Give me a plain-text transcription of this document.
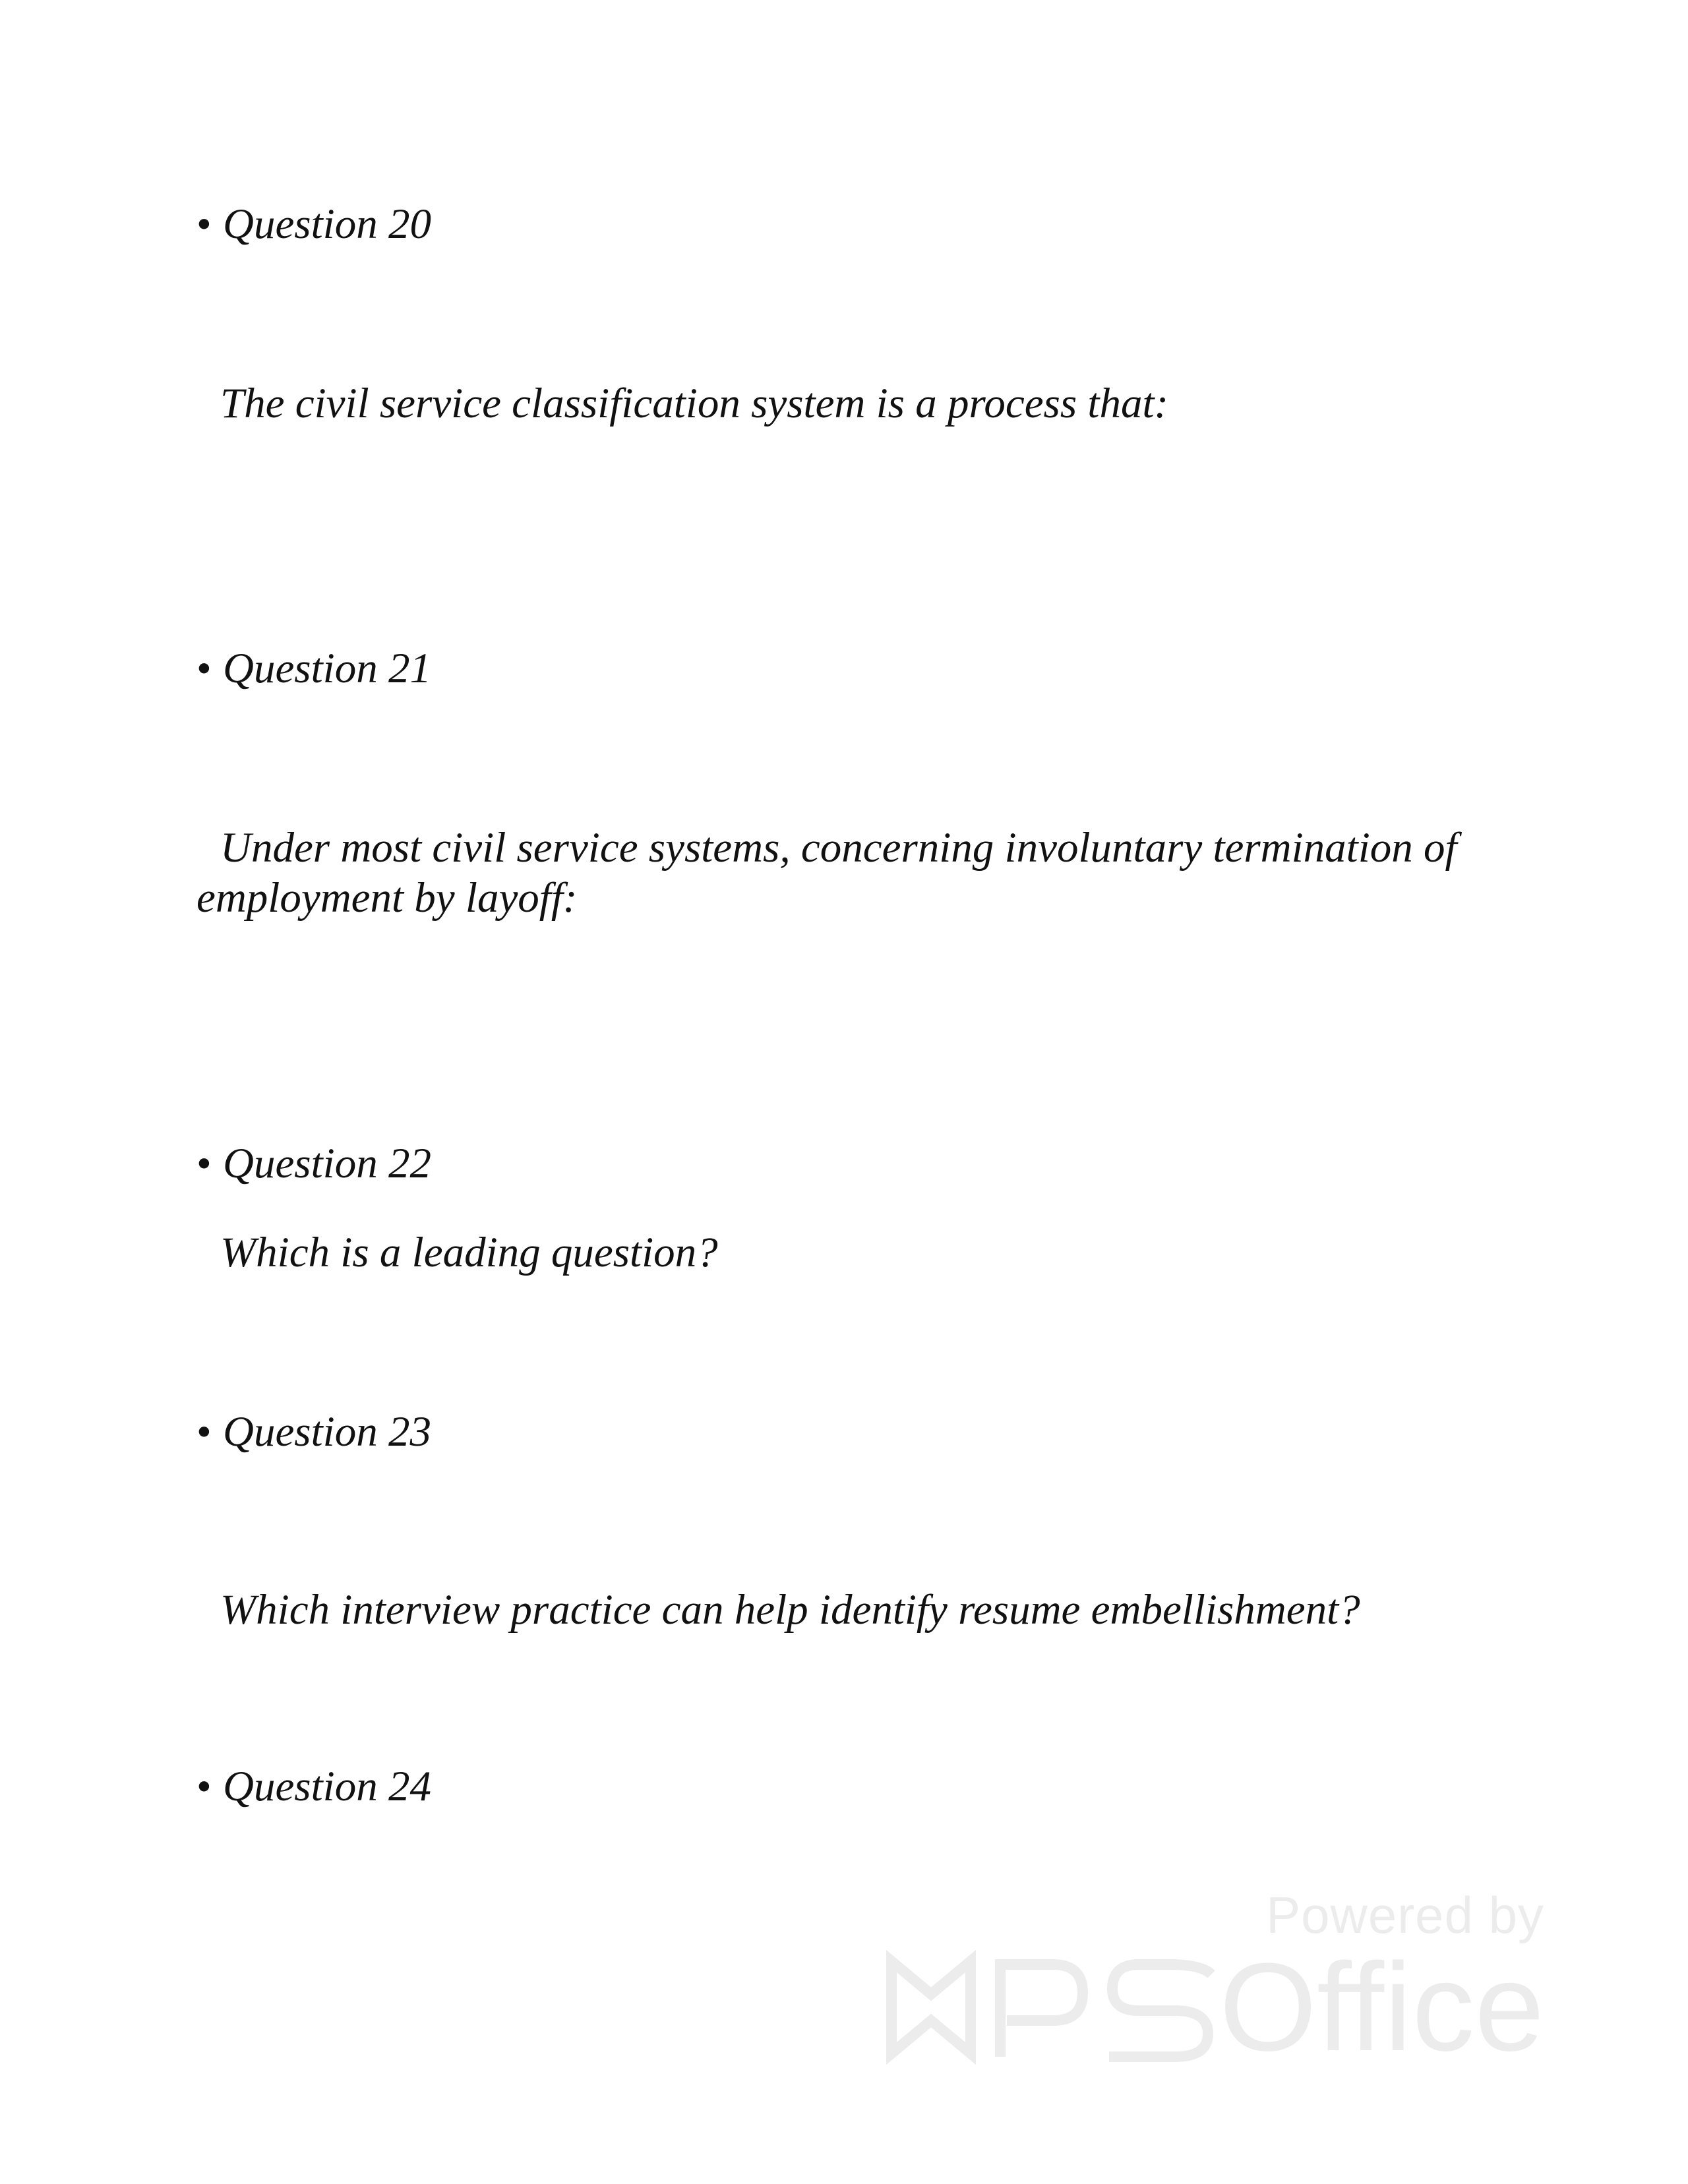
• Question 20
The civil service classification system is a process that:
• Question 21
Under most civil service systems, concerning involuntary termination of employment by layoff:
• Question 22
Which is a leading question?
• Question 23
Which interview practice can help identify resume embellishment?
• Question 24
Powered by
Office
